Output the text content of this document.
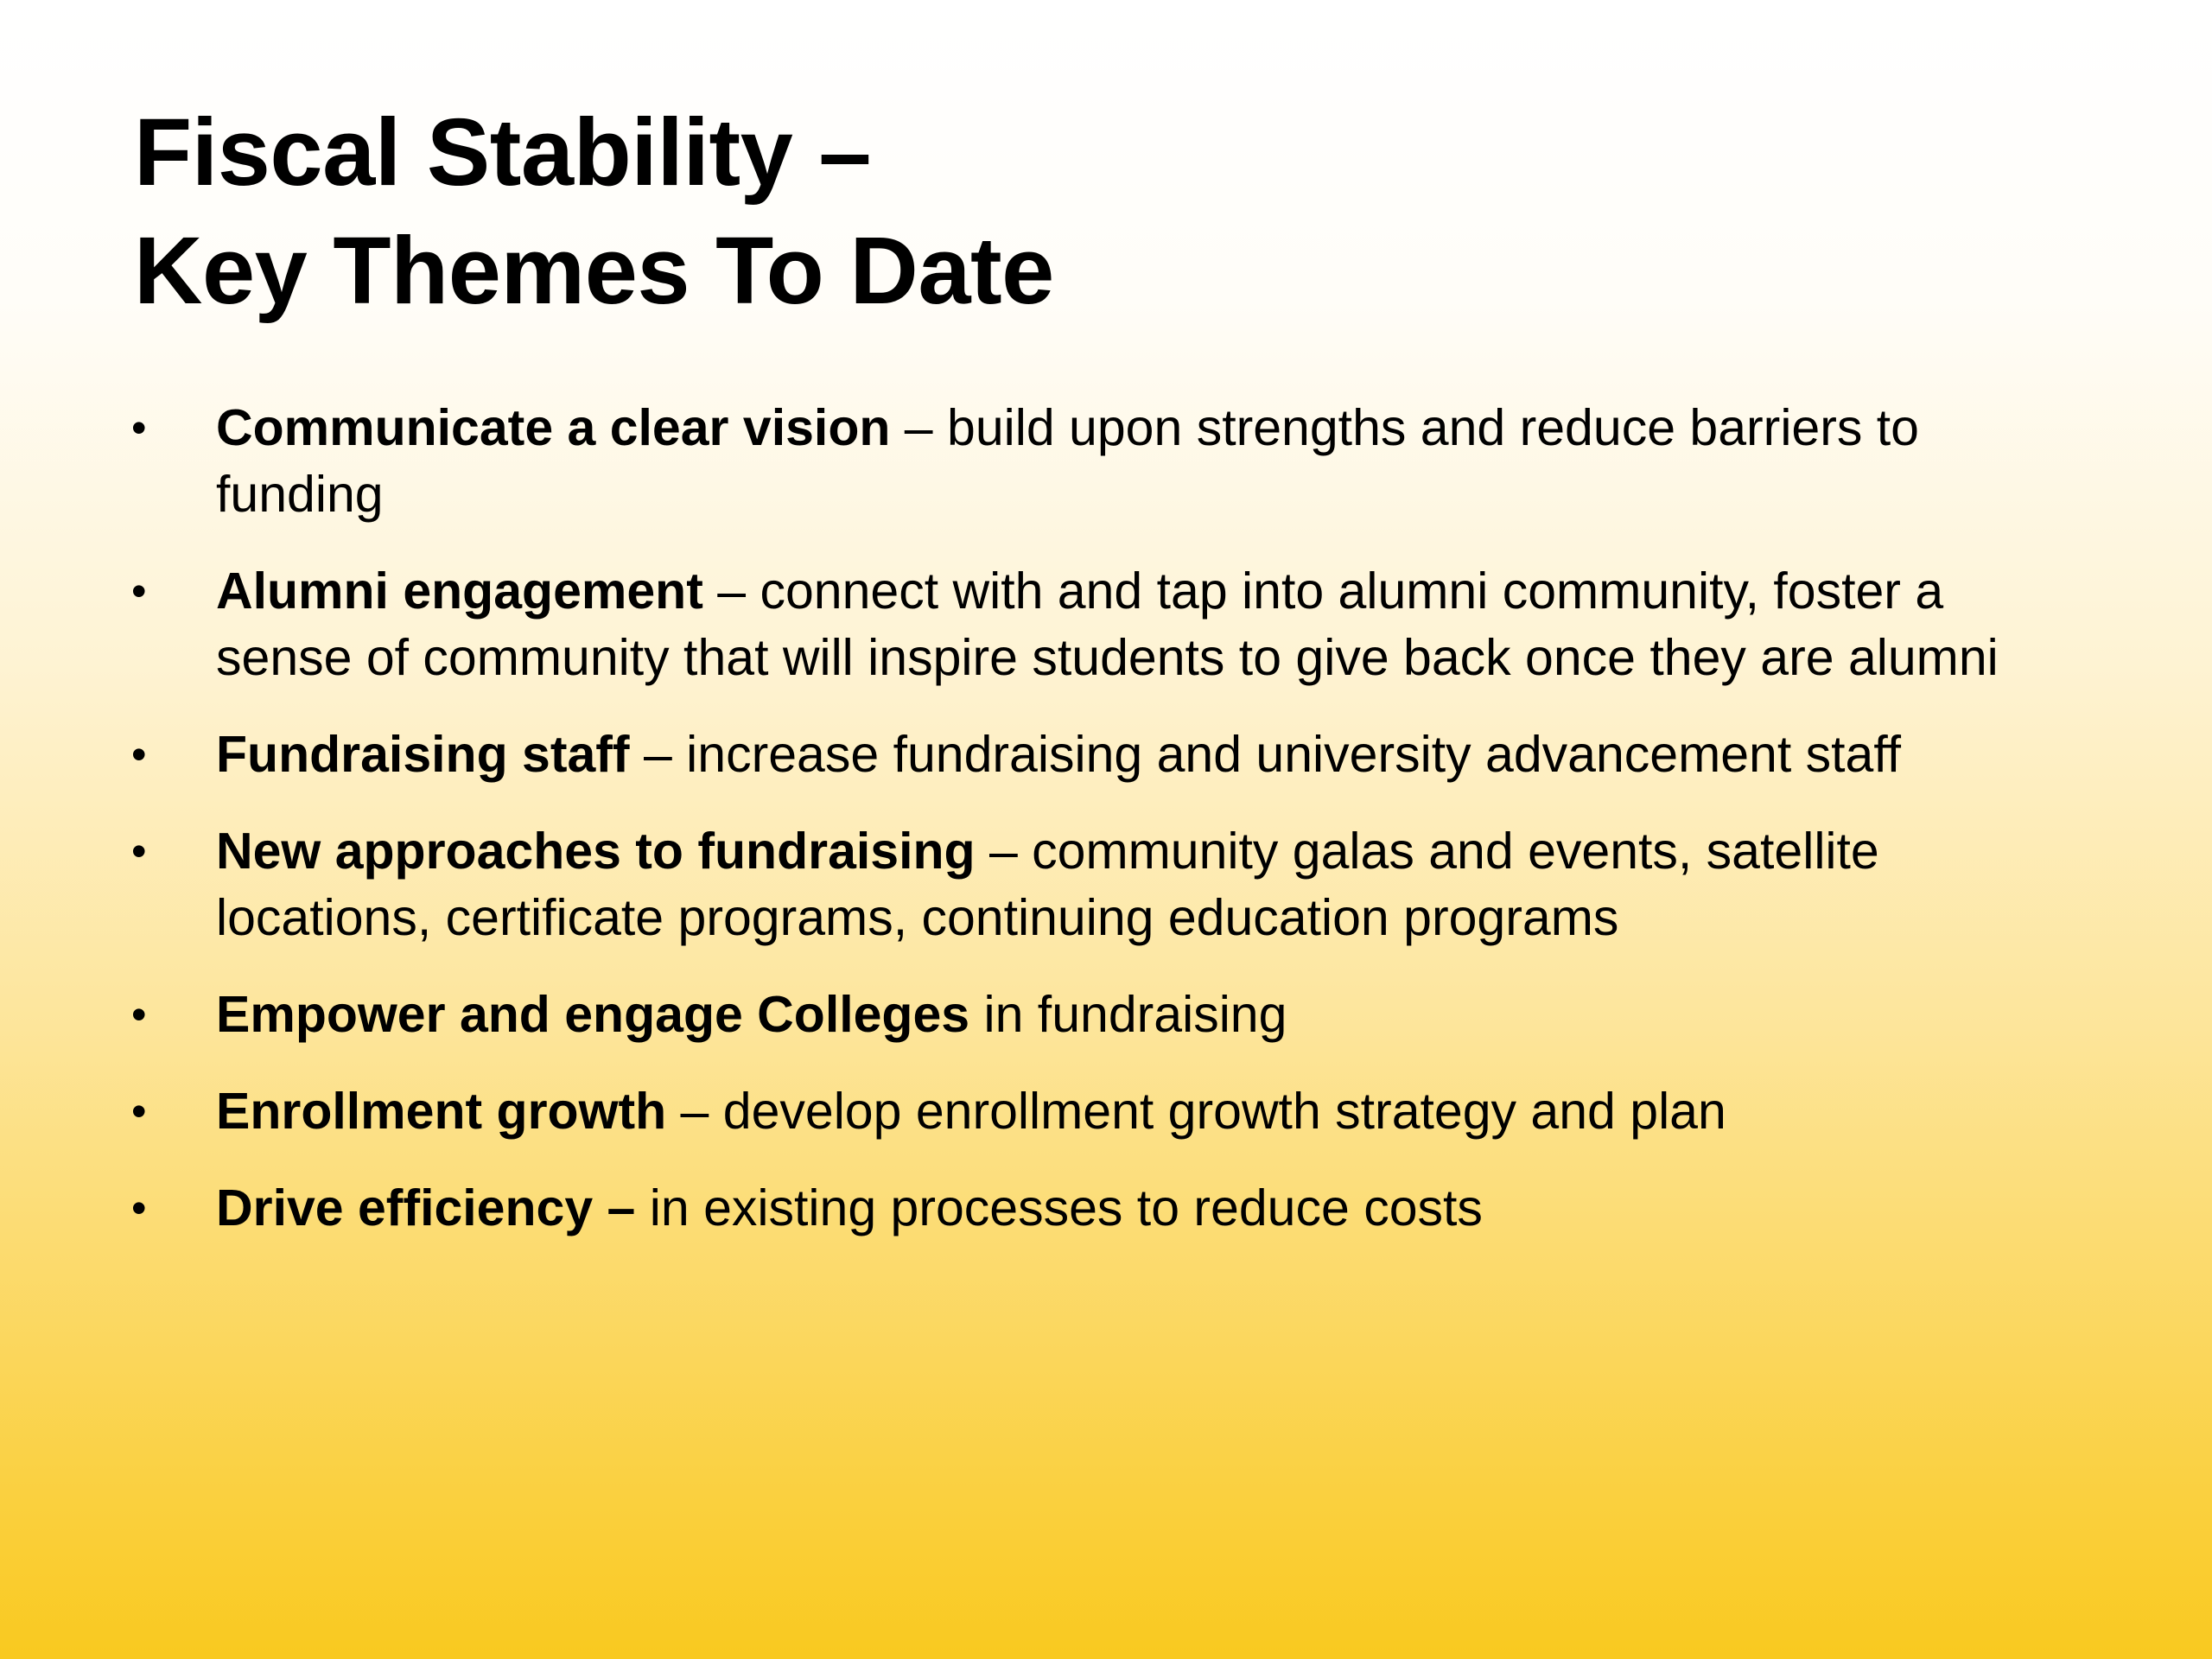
Fiscal Stability –
Key Themes To Date
• Communicate a clear vision – build upon strengths and reduce barriers to funding
• Alumni engagement – connect with and tap into alumni community, foster a sense of community that will inspire students to give back once they are alumni
• Fundraising staff – increase fundraising and university advancement staff
• New approaches to fundraising – community galas and events, satellite locations, certificate programs, continuing education programs
• Empower and engage Colleges in fundraising
• Enrollment growth – develop enrollment growth strategy and plan
• Drive efficiency – in existing processes to reduce costs
